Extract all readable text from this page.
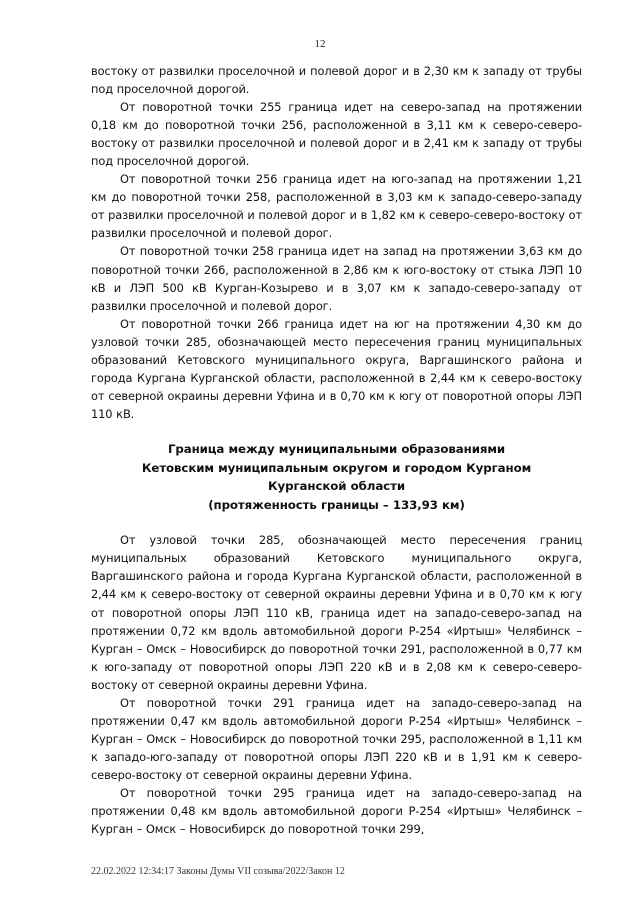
12

востоку от развилки проселочной и полевой дорог и в 2,30 км к западу от трубы под проселочной дорогой.

От поворотной точки 255 граница идет на северо-запад на протяжении 0,18 км до поворотной точки 256, расположенной в 3,11 км к северо-северо-востоку от развилки проселочной и полевой дорог и в 2,41 км к западу от трубы под проселочной дорогой.

От поворотной точки 256 граница идет на юго-запад на протяжении 1,21 км до поворотной точки 258, расположенной в 3,03 км к западо-северо-западу от развилки проселочной и полевой дорог и в 1,82 км к северо-северо-востоку от развилки проселочной и полевой дорог.

От поворотной точки 258 граница идет на запад на протяжении 3,63 км до поворотной точки 266, расположенной в 2,86 км к юго-востоку от стыка ЛЭП 10 кВ и ЛЭП 500 кВ Курган-Козырево и в 3,07 км к западо-северо-западу от развилки проселочной и полевой дорог.

От поворотной точки 266 граница идет на юг на протяжении 4,30 км до узловой точки 285, обозначающей место пересечения границ муниципальных образований Кетовского муниципального округа, Варгашинского района и города Кургана Курганской области, расположенной в 2,44 км к северо-востоку от северной окраины деревни Уфина и в 0,70 км к югу от поворотной опоры ЛЭП 110 кВ.

Граница между муниципальными образованиями
Кетовским муниципальным округом и городом Курганом
Курганской области
(протяженность границы – 133,93 км)

От узловой точки 285, обозначающей место пересечения границ муниципальных образований Кетовского муниципального округа, Варгашинского района и города Кургана Курганской области, расположенной в 2,44 км к северо-востоку от северной окраины деревни Уфина и в 0,70 км к югу от поворотной опоры ЛЭП 110 кВ, граница идет на западо-северо-запад на протяжении 0,72 км вдоль автомобильной дороги Р-254 «Иртыш» Челябинск – Курган – Омск – Новосибирск до поворотной точки 291, расположенной в 0,77 км к юго-западу от поворотной опоры ЛЭП 220 кВ и в 2,08 км к северо-северо-востоку от северной окраины деревни Уфина.

От поворотной точки 291 граница идет на западо-северо-запад на протяжении 0,47 км вдоль автомобильной дороги Р-254 «Иртыш» Челябинск – Курган – Омск – Новосибирск до поворотной точки 295, расположенной в 1,11 км к западо-юго-западу от поворотной опоры ЛЭП 220 кВ и в 1,91 км к северо-северо-востоку от северной окраины деревни Уфина.

От поворотной точки 295 граница идет на западо-северо-запад на протяжении 0,48 км вдоль автомобильной дороги Р-254 «Иртыш» Челябинск – Курган – Омск – Новосибирск до поворотной точки 299,

22.02.2022 12:34:17 Законы Думы VII созыва/2022/Закон 12
